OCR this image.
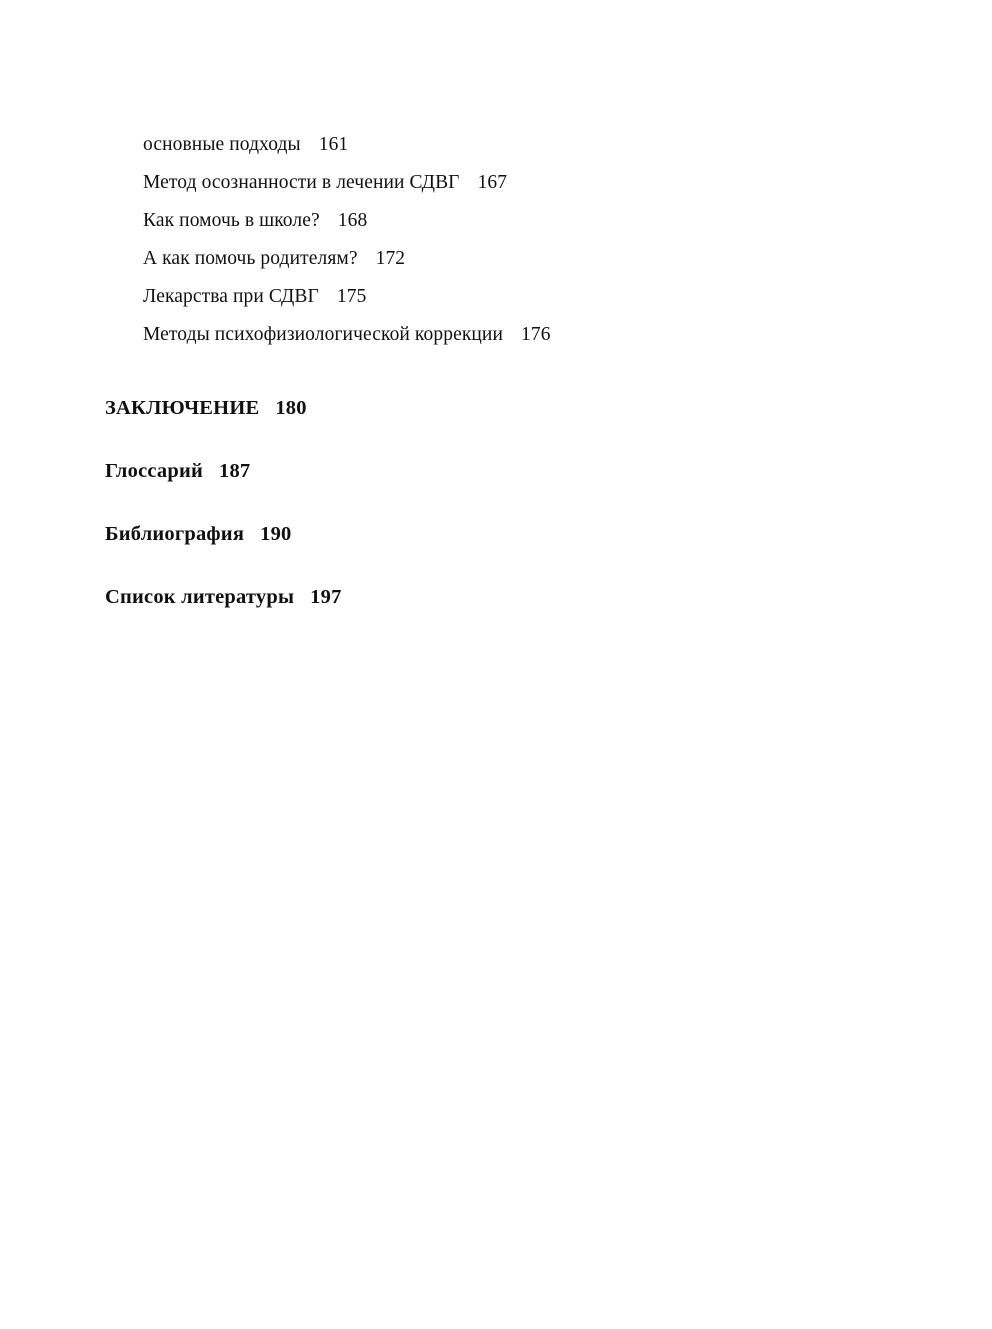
основные подходы 161
Метод осознанности в лечении СДВГ 167
Как помочь в школе? 168
А как помочь родителям? 172
Лекарства при СДВГ 175
Методы психофизиологической коррекции 176
ЗАКЛЮЧЕНИЕ 180
Глоссарий 187
Библиография 190
Список литературы 197
